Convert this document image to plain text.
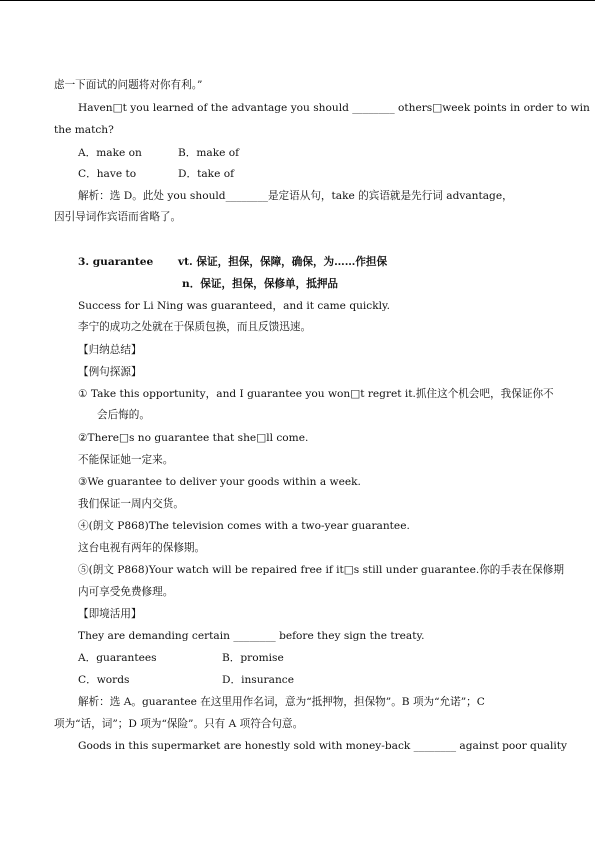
虑一下面试的问题将对你有利。”
Haven□t you learned of the advantage you should ________ others□week points in order to win
the match?
A．make on	B．make of
C．have to	D．take of
解析：选 D。此处 you should________是定语从句，take 的宾语就是先行词 advantage，
因引导词作宾语而省略了。
3. guarantee vt. 保证，担保，保障，确保，为……作担保
n．保证，担保，保修单，抵押品
Success for Li Ning was guaranteed，and it came quickly.
李宁的成功之处就在于保质包换，而且反馈迅速。
【归纳总结】
【例句探源】
① Take this opportunity，and I guarantee you won□t regret it.抓住这个机会吧，我保证你不
会后悔的。
②There□s no guarantee that she□ll come.
不能保证她一定来。
③We guarantee to deliver your goods within a week.
我们保证一周内交货。
④(朗文 P868)The television comes with a two-year guarantee.
这台电视有两年的保修期。
⑤(朗文 P868)Your watch will be repaired free if it□s still under guarantee.你的手表在保修期
内可享受免费修理。
【即境活用】
They are demanding certain ________ before they sign the treaty.
A．guarantees	B．promise
C．words	D．insurance
解析：选 A。guarantee 在这里用作名词，意为“抵押物，担保物”。B 项为“允诺”；C
项为“话，词”；D 项为“保险”。只有 A 项符合句意。
Goods in this supermarket are honestly sold with money-back ________ against poor quality
